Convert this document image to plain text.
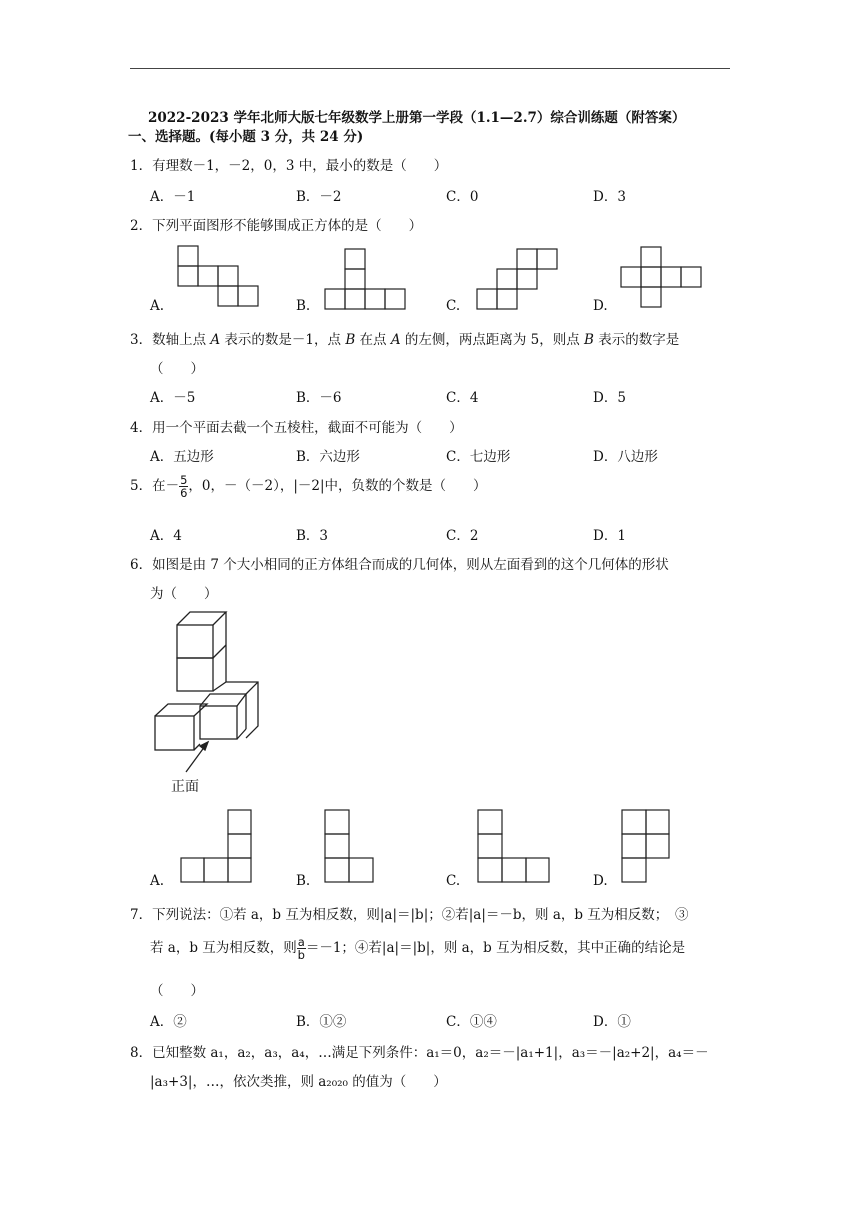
2022-2023 学年北师大版七年级数学上册第一学段（1.1—2.7）综合训练题（附答案）
一、选择题。(每小题 3 分，共 24 分)
1．有理数－1，－2，0，3 中，最小的数是（　　）
A．－1	B．－2	C．0	D．3
2．下列平面图形不能够围成正方体的是（　　）
A.	B.	C.	D.
3．数轴上点 A 表示的数是－1，点 B 在点 A 的左侧，两点距离为 5，则点 B 表示的数字是
（　　）
A．－5	B．－6	C．4	D．5
4．用一个平面去截一个五棱柱，截面不可能为（　　）
A．五边形	B．六边形	C．七边形	D．八边形
5．在－ $\frac{5}{6}$ ，0，－（－2），|－2|中，负数的个数是（　　）
A．4	B．3	C．2	D．1
6．如图是由 7 个大小相同的正方体组合而成的几何体，则从左面看到的这个几何体的形状
为（　　）
正面
A.	B.	C.	D.
7．下列说法：①若 a，b 互为相反数，则|a|＝|b|；②若|a|＝－b，则 a，b 互为相反数；　③
若 a，b 互为相反数，则 $\frac{a}{b} =-1$；④若|a|＝|b|，则 a，b 互为相反数，其中正确的结论是
（　　）
A．②	B．①②	C．①④	D．①
8．已知整数 a₁，a₂，a₃，a₄，…满足下列条件：a₁＝0，a₂＝－|a₁+1|，a₃＝－|a₂+2|，a₄＝－
|a₃+3|，…，依次类推，则 a₂₀₂₀ 的值为（　　）
